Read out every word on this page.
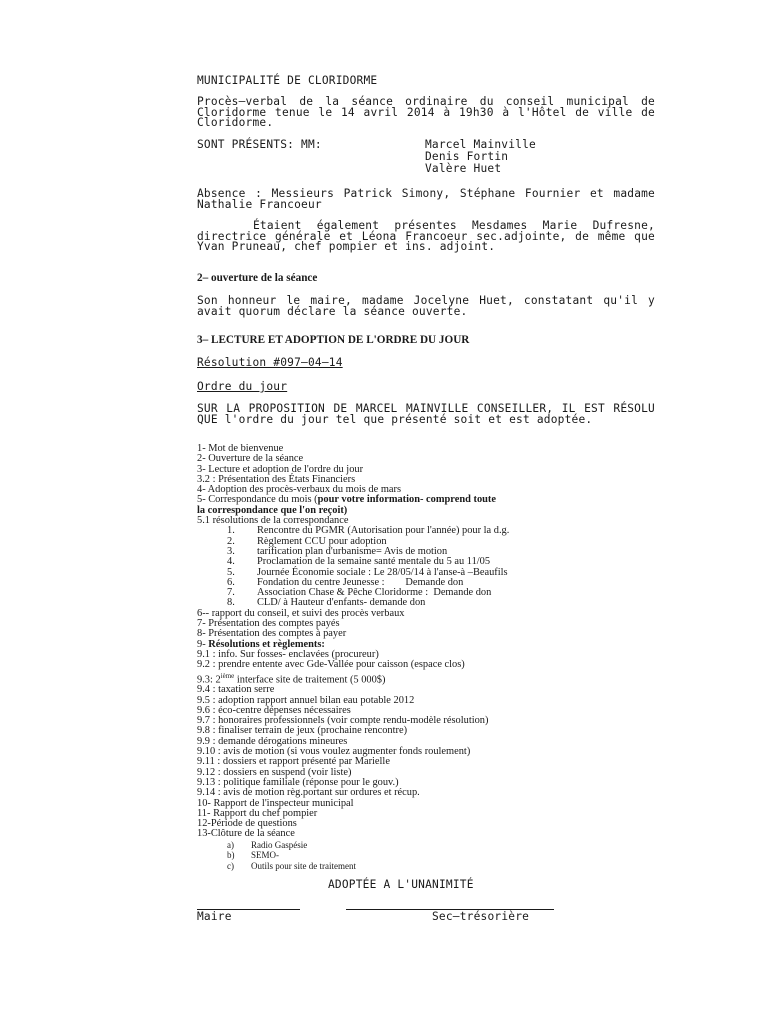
MUNICIPALITÉ DE CLORIDORME
Procès–verbal de la séance ordinaire du conseil municipal de Cloridorme tenue le 14 avril 2014 à 19h30 à l'Hôtel de ville de Cloridorme.
SONT PRÉSENTS: MM:	Marcel Mainville
Denis Fortin
Valère Huet
Absence : Messieurs Patrick Simony, Stéphane Fournier et madame Nathalie Francoeur
Étaient également présentes Mesdames Marie Dufresne, directrice générale et Léona Francoeur sec.adjointe, de même que Yvan Pruneau, chef pompier et ins. adjoint.
2– ouverture de la séance
Son honneur le maire, madame Jocelyne Huet, constatant qu'il y avait quorum déclare la séance ouverte.
3– LECTURE ET ADOPTION DE L'ORDRE DU JOUR
Résolution #097–04–14
Ordre du jour
SUR LA PROPOSITION DE MARCEL MAINVILLE CONSEILLER, IL EST RÉSOLU QUE l'ordre du jour tel que présenté soit et est adoptée.
1- Mot de bienvenue
2- Ouverture de la séance
3- Lecture et adoption de l'ordre du jour
3.2 : Présentation des États Financiers
4- Adoption des procès-verbaux du mois de mars
5- Correspondance du mois (pour votre information- comprend toute
la correspondance que l'on reçoit)
5.1 résolutions de la correspondance
1. Rencontre du PGMR (Autorisation pour l'année) pour la d.g.
2. Règlement CCU pour adoption
3. tarification plan d'urbanisme= Avis de motion
4. Proclamation de la semaine santé mentale du 5 au 11/05
5. Journée Économie sociale : Le 28/05/14 à l'anse-à –Beaufils
6. Fondation du centre Jeunesse :        Demande don
7. Association Chase & Pêche Cloridorme :  Demande don
8. CLD/ à Hauteur d'enfants- demande don
6-- rapport du conseil, et suivi des procès verbaux
7- Présentation des comptes payés
8- Présentation des comptes à payer
9- Résolutions et règlements:
9.1 : info. Sur fosses- enclavées (procureur)
9.2 : prendre entente avec Gde-Vallée pour caisson (espace clos)
9.3: 2ième interface site de traitement (5 000$)
9.4 : taxation serre
9.5 : adoption rapport annuel bilan eau potable 2012
9.6 : éco-centre dépenses nécessaires
9.7 : honoraires professionnels (voir compte rendu-modèle résolution)
9.8 : finaliser terrain de jeux (prochaine rencontre)
9.9 : demande dérogations mineures
9.10 : avis de motion (si vous voulez augmenter fonds roulement)
9.11 : dossiers et rapport présenté par Marielle
9.12 : dossiers en suspend (voir liste)
9.13 : politique familiale (réponse pour le gouv.)
9.14 : avis de motion règ.portant sur ordures et récup.
10- Rapport de l'inspecteur municipal
11- Rapport du chef pompier
12-Période de questions
13-Clôture de la séance
a) Radio Gaspésie
b) SEMO-
c) Outils pour site de traitement
ADOPTÉE A L'UNANIMITÉ
Maire	Sec–trésorière
